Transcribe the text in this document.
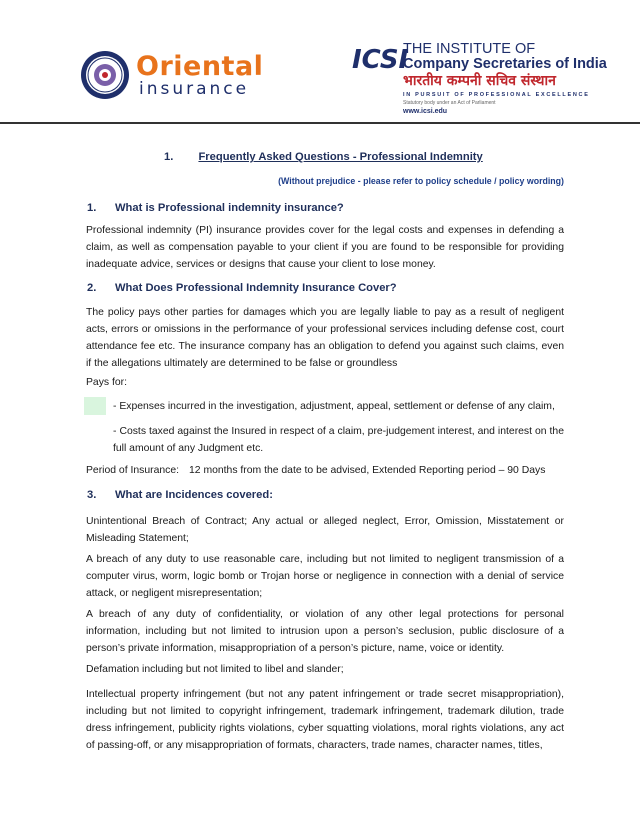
Oriental
insurance
ICSI
THE INSTITUTE OF
Company Secretaries of India
भारतीय कम्पनी सचिव संस्थान
IN PURSUIT OF PROFESSIONAL EXCELLENCE
Statutory body under an Act of Parliament
www.icsi.edu
1. Frequently Asked Questions - Professional Indemnity
(Without prejudice - please refer to policy schedule / policy wording)
1. What is Professional indemnity insurance?
Professional indemnity (PI) insurance provides cover for the legal costs and expenses in defending a claim, as well as compensation payable to your client if you are found to be responsible for providing inadequate advice, services or designs that cause your client to lose money.
2. What Does Professional Indemnity Insurance Cover?
The policy pays other parties for damages which you are legally liable to pay as a result of negligent acts, errors or omissions in the performance of your professional services including defense cost, court attendance fee etc. The insurance company has an obligation to defend you against such claims, even if the allegations ultimately are determined to be false or groundless
Pays for:
- Expenses incurred in the investigation, adjustment, appeal, settlement or defense of any claim,
- Costs taxed against the Insured in respect of a claim, pre-judgement interest, and interest on the full amount of any Judgment etc.
Period of Insurance: 12 months from the date to be advised, Extended Reporting period – 90 Days
3. What are Incidences covered:
Unintentional Breach of Contract; Any actual or alleged neglect, Error, Omission, Misstatement or Misleading Statement;
A breach of any duty to use reasonable care, including but not limited to negligent transmission of a computer virus, worm, logic bomb or Trojan horse or negligence in connection with a denial of service attack, or negligent misrepresentation;
A breach of any duty of confidentiality, or violation of any other legal protections for personal information, including but not limited to intrusion upon a person’s seclusion, public disclosure of a person’s private information, misappropriation of a person’s picture, name, voice or identity.
Defamation including but not limited to libel and slander;
Intellectual property infringement (but not any patent infringement or trade secret misappropriation), including but not limited to copyright infringement, trademark infringement, trademark dilution, trade dress infringement, publicity rights violations, cyber squatting violations, moral rights violations, any act of passing-off, or any misappropriation of formats, characters, trade names, character names, titles,
